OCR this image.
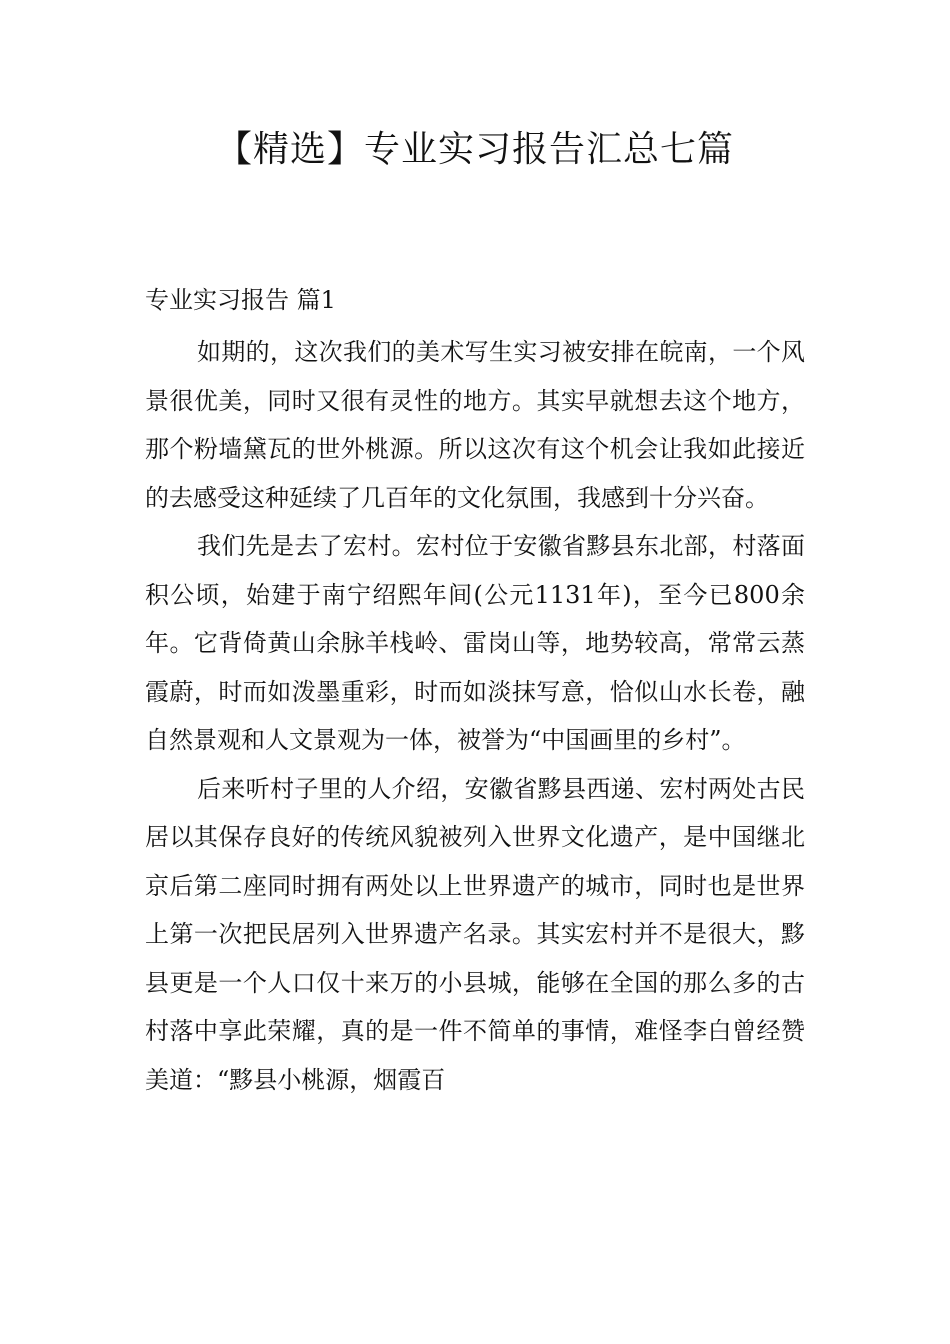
【精选】专业实习报告汇总七篇
专业实习报告 篇1

如期的，这次我们的美术写生实习被安排在皖南，一个风景很优美，同时又很有灵性的地方。其实早就想去这个地方，那个粉墙黛瓦的世外桃源。所以这次有这个机会让我如此接近的去感受这种延续了几百年的文化氛围，我感到十分兴奋。

我们先是去了宏村。宏村位于安徽省黟县东北部，村落面积公顷，始建于南宁绍熙年间(公元1131年)，至今已800余年。它背倚黄山余脉羊栈岭、雷岗山等，地势较高，常常云蒸霞蔚，时而如泼墨重彩，时而如淡抹写意，恰似山水长卷，融自然景观和人文景观为一体，被誉为“中国画里的乡村”。

后来听村子里的人介绍，安徽省黟县西递、宏村两处古民居以其保存良好的传统风貌被列入世界文化遗产，是中国继北京后第二座同时拥有两处以上世界遗产的城市，同时也是世界上第一次把民居列入世界遗产名录。其实宏村并不是很大，黟县更是一个人口仅十来万的小县城，能够在全国的那么多的古村落中享此荣耀，真的是一件不简单的事情，难怪李白曾经赞美道：“黟县小桃源，烟霞百
